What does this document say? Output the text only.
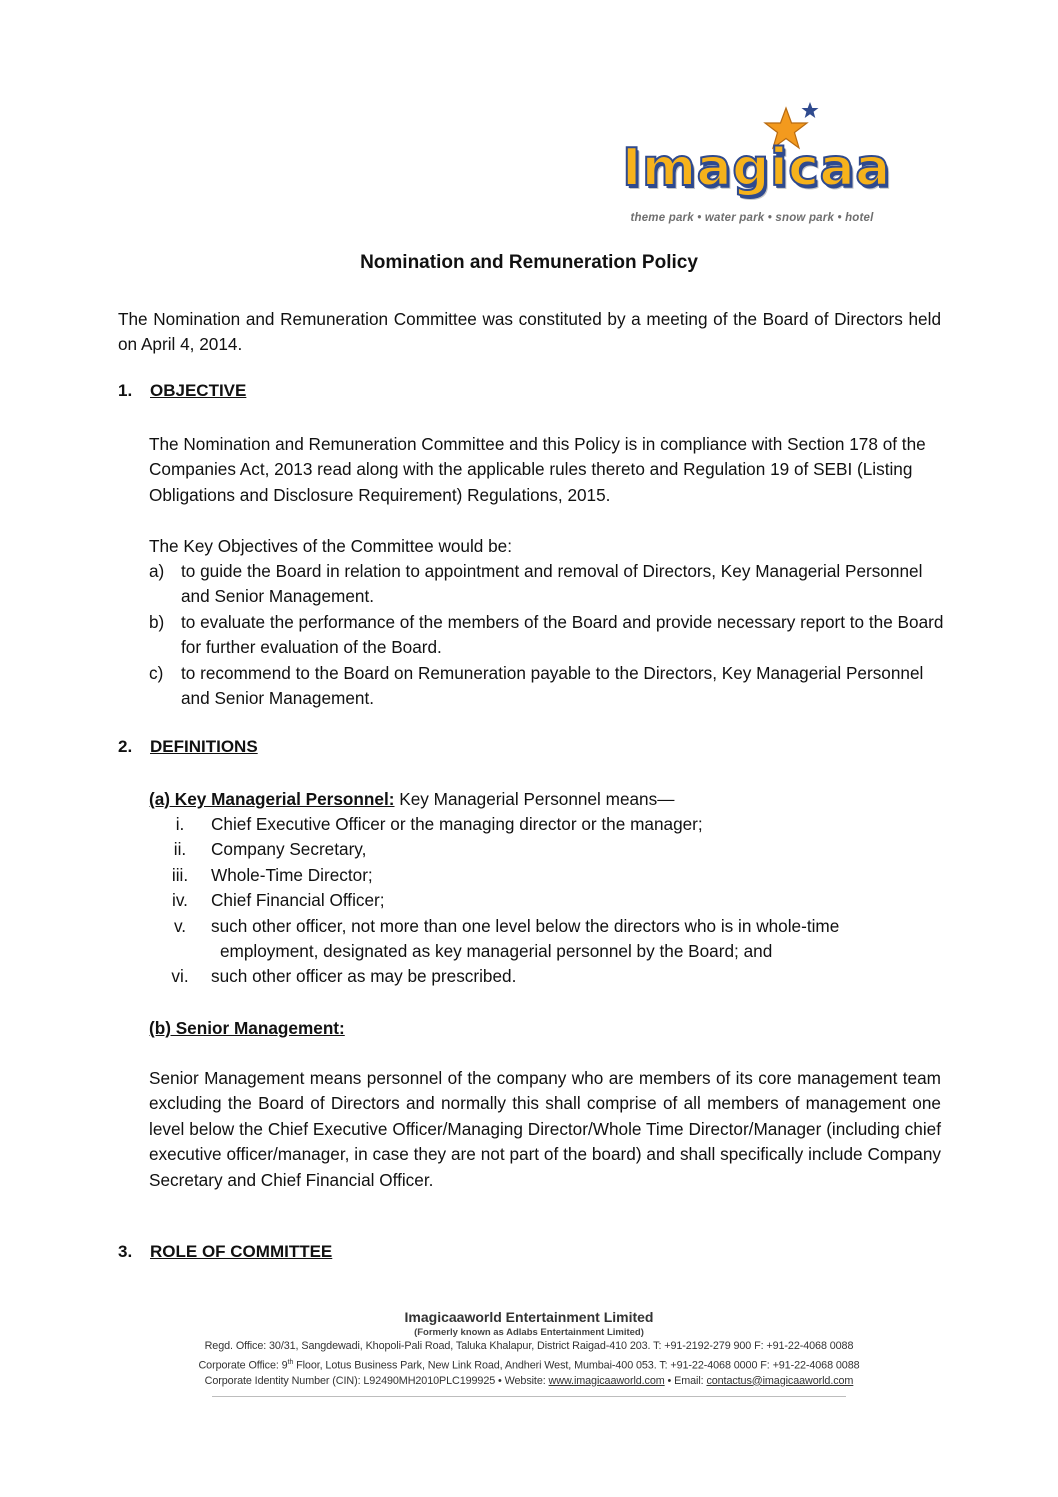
Imagicaa
theme park • water park • snow park • hotel
Nomination and Remuneration Policy

The Nomination and Remuneration Committee was constituted by a meeting of the Board of Directors held on April 4, 2014.

1. OBJECTIVE

The Nomination and Remuneration Committee and this Policy is in compliance with Section 178 of the Companies Act, 2013 read along with the applicable rules thereto and Regulation 19 of SEBI (Listing Obligations and Disclosure Requirement) Regulations, 2015.

The Key Objectives of the Committee would be:

a) to guide the Board in relation to appointment and removal of Directors, Key Managerial Personnel and Senior Management.
b) to evaluate the performance of the members of the Board and provide necessary report to the Board for further evaluation of the Board.
c)	to recommend to the Board on Remuneration payable to the Directors, Key Managerial Personnel and Senior Management.
2. DEFINITIONS

(a) Key Managerial Personnel: Key Managerial Personnel means—

i.	Chief Executive Officer or the managing director or the manager;
ii.	Company Secretary,
iii.	Whole-Time Director;
iv.	Chief Financial Officer;
v.	such other officer, not more than one level below the directors who is in whole-time
employment, designated as key managerial personnel by the Board; and
vi.	such other officer as may be prescribed.

(b) Senior Management:

Senior Management means personnel of the company who are members of its core management team excluding the Board of Directors and normally this shall comprise of all members of management one level below the Chief Executive Officer/Managing Director/Whole Time Director/Manager (including chief executive officer/manager, in case they are not part of the board) and shall specifically include Company Secretary and Chief Financial Officer.

3. ROLE OF COMMITTEE
Imagicaaworld Entertainment Limited
(Formerly known as Adlabs Entertainment Limited)
Regd. Office: 30/31, Sangdewadi, Khopoli-Pali Road, Taluka Khalapur, District Raigad-410 203. T: +91-2192-279 900 F: +91-22-4068 0088
Corporate Office: 9th Floor, Lotus Business Park, New Link Road, Andheri West, Mumbai-400 053. T: +91-22-4068 0000 F: +91-22-4068 0088
Corporate Identity Number (CIN): L92490MH2010PLC199925 • Website: www.imagicaaworld.com • Email: contactus@imagicaaworld.com
